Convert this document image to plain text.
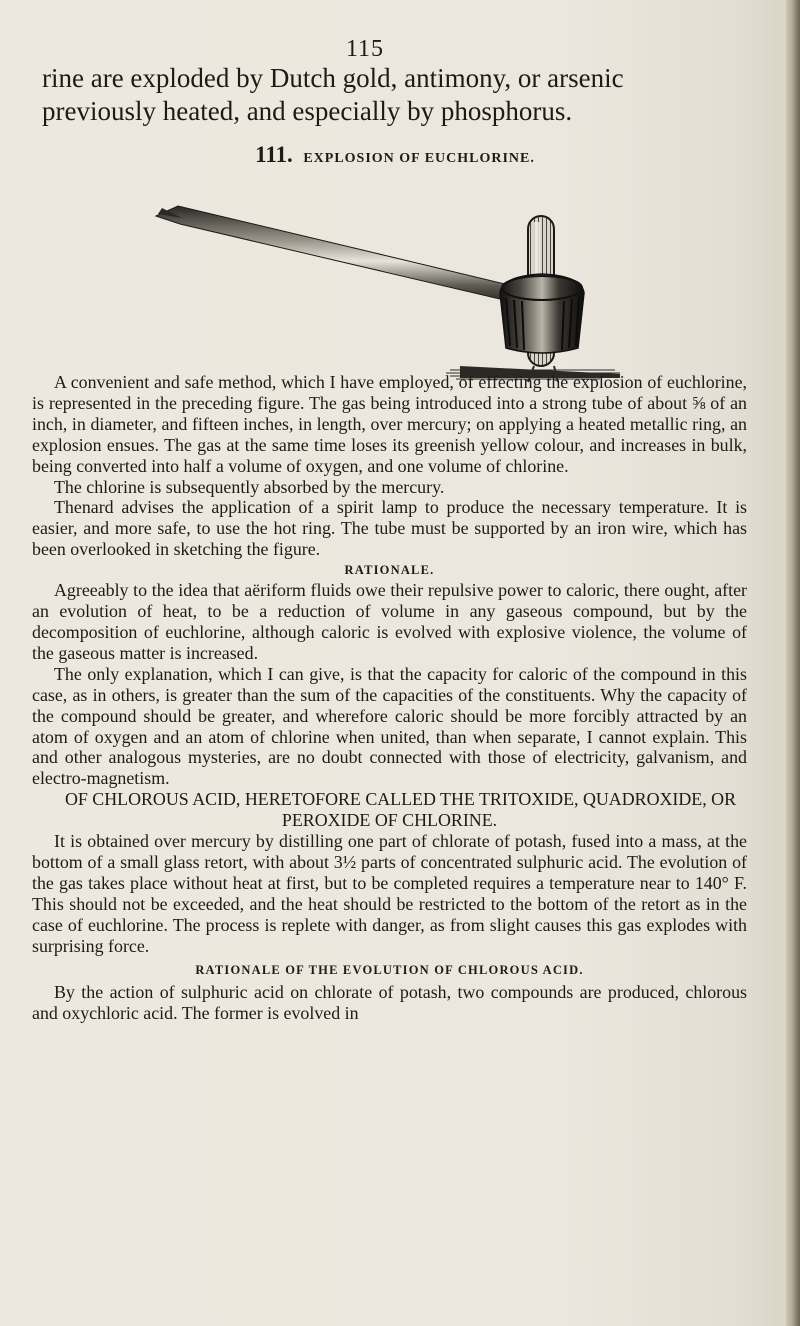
115
rine are exploded by Dutch gold, antimony, or arsenic previously heated, and especially by phosphorus.
111. EXPLOSION OF EUCHLORINE.

A convenient and safe method, which I have employed, of effecting the explosion of euchlorine, is represented in the preceding figure. The gas being introduced into a strong tube of about ⅝ of an inch, in diameter, and fifteen inches, in length, over mercury; on applying a heated metallic ring, an explosion ensues. The gas at the same time loses its greenish yellow colour, and increases in bulk, being converted into half a volume of oxygen, and one volume of chlorine.

The chlorine is subsequently absorbed by the mercury.

Thenard advises the application of a spirit lamp to produce the necessary temperature. It is easier, and more safe, to use the hot ring. The tube must be supported by an iron wire, which has been overlooked in sketching the figure.

RATIONALE.

Agreeably to the idea that aëriform fluids owe their repulsive power to caloric, there ought, after an evolution of heat, to be a reduction of volume in any gaseous compound, but by the decomposition of euchlorine, although caloric is evolved with explosive violence, the volume of the gaseous matter is increased.

The only explanation, which I can give, is that the capacity for caloric of the compound in this case, as in others, is greater than the sum of the capacities of the constituents. Why the capacity of the compound should be greater, and wherefore caloric should be more forcibly attracted by an atom of oxygen and an atom of chlorine when united, than when separate, I cannot explain. This and other analogous mysteries, are no doubt connected with those of electricity, galvanism, and electro-magnetism.

OF CHLOROUS ACID, HERETOFORE CALLED THE TRITOXIDE, QUADROXIDE, OR PEROXIDE OF CHLORINE.

It is obtained over mercury by distilling one part of chlorate of potash, fused into a mass, at the bottom of a small glass retort, with about 3½ parts of concentrated sulphuric acid. The evolution of the gas takes place without heat at first, but to be completed requires a temperature near to 140° F. This should not be exceeded, and the heat should be restricted to the bottom of the retort as in the case of euchlorine. The process is replete with danger, as from slight causes this gas explodes with surprising force.

RATIONALE OF THE EVOLUTION OF CHLOROUS ACID.

By the action of sulphuric acid on chlorate of potash, two compounds are produced, chlorous and oxychloric acid. The former is evolved in
